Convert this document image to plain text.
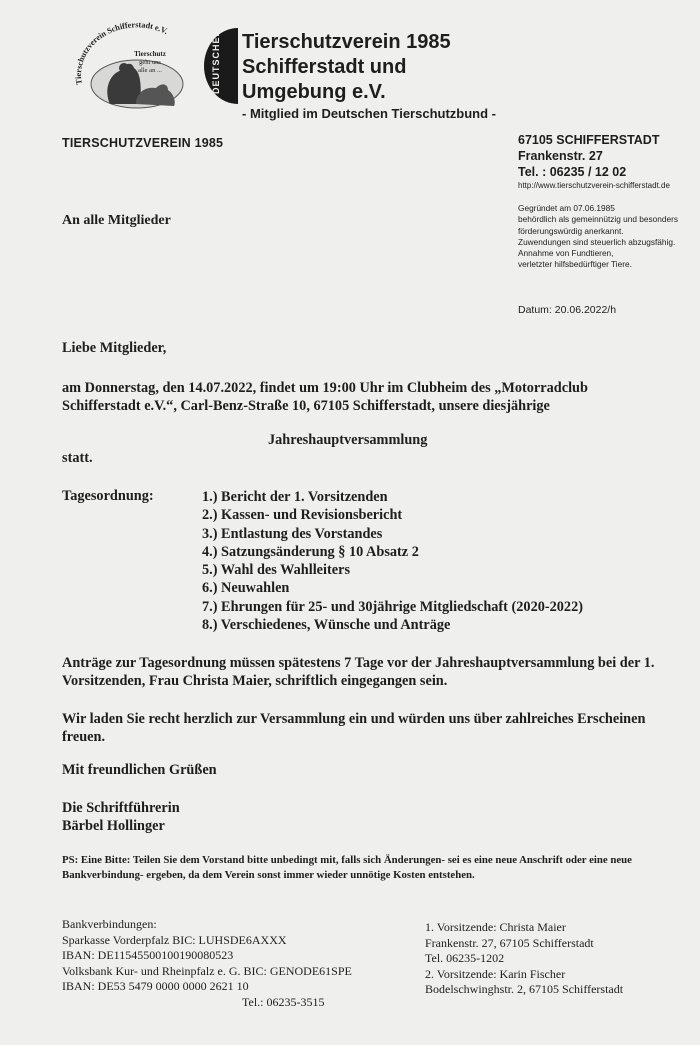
Tierschutzverein Schifferstadt e.V.
Tierschutz
geht uns
alle an ...	DEUTSCHER Tierschutzverein 1985
Schifferstadt und
Umgebung e.V.
- Mitglied im Deutschen Tierschutzbund -
TIERSCHUTZVEREIN 1985	67105 SCHIFFERSTADT
Frankenstr. 27
Tel. : 06235 / 12 02
http://www.tierschutzverein-schifferstadt.de
An alle Mitglieder
Gegründet am 07.06.1985
behördlich als gemeinnützig und besonders
förderungswürdig anerkannt.
Zuwendungen sind steuerlich abzugsfähig.
Annahme von Fundtieren,
verletzter hilfsbedürftiger Tiere.
Datum: 20.06.2022/h
Liebe Mitglieder,
am Donnerstag, den 14.07.2022, findet um 19:00 Uhr im Clubheim des „Motorradclub Schifferstadt e.V.“, Carl-Benz-Straße 10, 67105 Schifferstadt, unsere diesjährige
Jahreshauptversammlung
statt.
Tagesordnung:	1.) Bericht der 1. Vorsitzenden
2.) Kassen- und Revisionsbericht
3.) Entlastung des Vorstandes
4.) Satzungsänderung § 10 Absatz 2
5.) Wahl des Wahlleiters
6.) Neuwahlen
7.) Ehrungen für 25- und 30jährige Mitgliedschaft (2020-2022)
8.) Verschiedenes, Wünsche und Anträge
Anträge zur Tagesordnung müssen spätestens 7 Tage vor der Jahreshauptversammlung bei der 1. Vorsitzenden, Frau Christa Maier, schriftlich eingegangen sein.
Wir laden Sie recht herzlich zur Versammlung ein und würden uns über zahlreiches Erscheinen freuen.
Mit freundlichen Grüßen
Die Schriftführerin
Bärbel Hollinger
PS: Eine Bitte: Teilen Sie dem Vorstand bitte unbedingt mit, falls sich Änderungen- sei es eine neue Anschrift oder eine neue Bankverbindung- ergeben, da dem Verein sonst immer wieder unnötige Kosten entstehen.
Bankverbindungen:
Sparkasse Vorderpfalz BIC: LUHSDE6AXXX
IBAN: DE11545500100190080523
Volksbank Kur- und Rheinpfalz e. G. BIC: GENODE61SPE
IBAN: DE53 5479 0000 0000 2621 10
Tel.: 06235-3515
1. Vorsitzende: Christa Maier
Frankenstr. 27, 67105 Schifferstadt
Tel. 06235-1202
2. Vorsitzende: Karin Fischer
Bodelschwinghstr. 2, 67105 Schifferstadt
